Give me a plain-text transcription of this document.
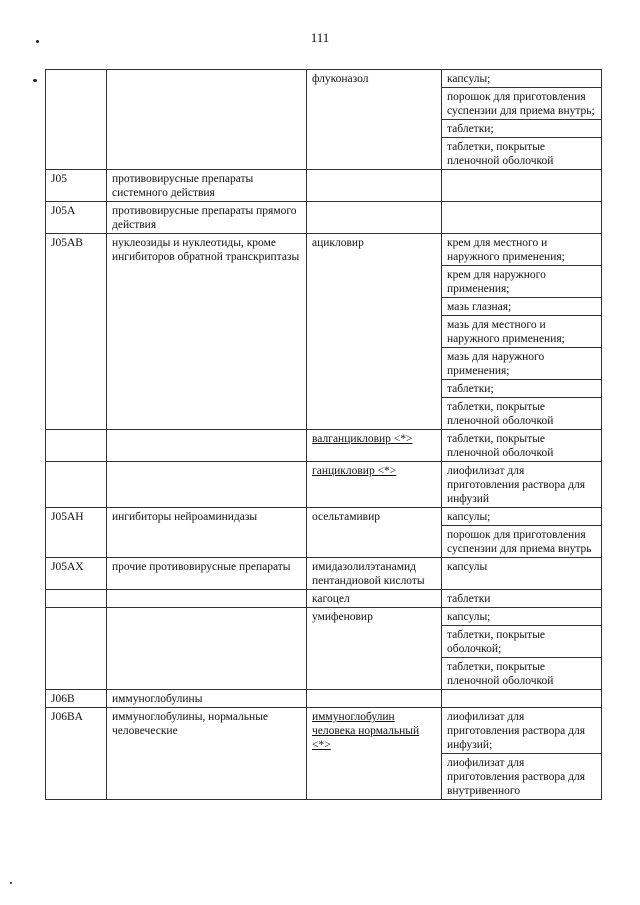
111
		флуконазол		капсулы;
порошок для приготовления суспензии для приема внутрь;
таблетки;
таблетки, покрытые пленочной оболочкой

J05	противовирусные препараты системного действия		

J05A	противовирусные препараты прямого действия		

J05AB	нуклеозиды и нуклеотиды, кроме ингибиторов обратной транскриптазы	ацикловир		крем для местного и наружного применения;
крем для наружного применения;
мазь глазная;
мазь для местного и наружного применения;
мазь для наружного применения;
таблетки;
таблетки, покрытые пленочной оболочкой

		валганцикловир <*>		таблетки, покрытые пленочной оболочкой

		ганцикловир <*>		лиофилизат для приготовления раствора для инфузий

J05AH	ингибиторы нейроаминидазы	осельтамивир		капсулы;
порошок для приготовления суспензии для приема внутрь

J05AX	прочие противовирусные препараты	имидазолилэтанамид пентандиовой кислоты	
капсулы

		кагоцел		таблетки

		умифеновир		капсулы;
таблетки, покрытые оболочкой;
таблетки, покрытые пленочной оболочкой

J06B	иммуноглобулины		

J06BA	иммуноглобулины, нормальные человеческие	иммуноглобулин человека нормальный <*>	
лиофилизат для приготовления раствора для инфузий;
лиофилизат для приготовления раствора для внутривенного
